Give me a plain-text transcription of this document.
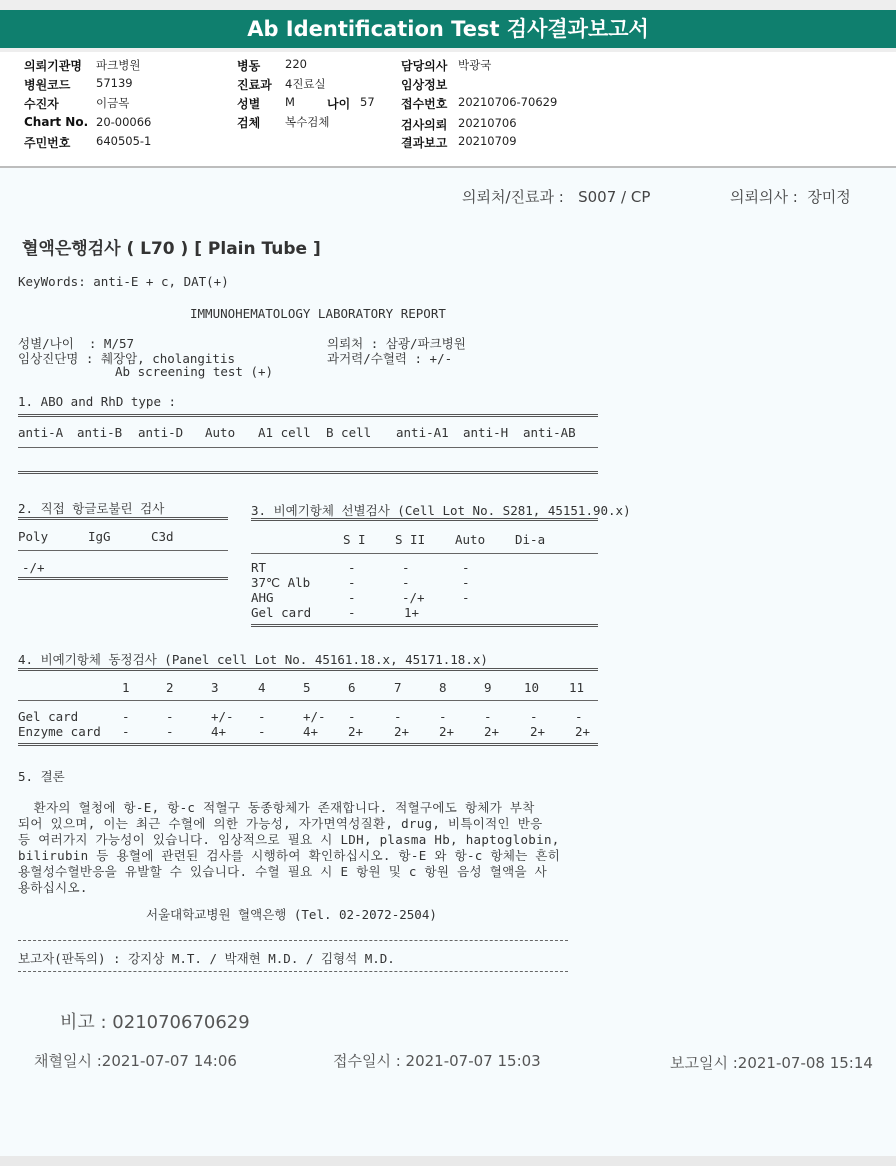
Ab Identification Test 검사결과보고서
의뢰기관명 파크병원
병원코드 57139
수진자	이금목
Chart No. 20-00066
주민번호 640505-1
병동 220
진료과 4진료실
성별 M	나이 57
검체 복수검체
담당의사 박광국
임상정보
접수번호 20210706-70629
검사의뢰 20210706
결과보고 20210709
의뢰처/진료과 :   S007 / CP	의뢰의사 :  장미정
혈액은행검사 ( L70 ) [ Plain Tube ]
KeyWords: anti-E + c, DAT(+)
IMMUNOHEMATOLOGY LABORATORY REPORT
성별/나이  : M/57
임상진단명 : 췌장암, cholangitis
Ab screening test (+)
의뢰처 : 삼광/파크병원
과거력/수혈력 : +/-
1. ABO and RhD type :
anti-A anti-B anti-D Auto A1 cell B cell anti-A1 anti-H anti-AB
2. 직접 항글로불린 검사
Poly	IgG	C3d
-/+
3. 비예기항체 선별검사 (Cell Lot No. S281, 45151.90.x)
S I S II Auto Di-a
RT	-	-	-
37℃ Alb	-	-	-
AHG	-	-/+	-
Gel card	-	1+
4. 비예기항체 동정검사 (Panel cell Lot No. 45161.18.x, 45171.18.x)
1	2	3	4	5	6	7	8	9	10 11
Gel card	-	-	+/- -	+/- -	-	-	-	-	-
Enzyme card -	-	4+	-	4+ 2+ 2+ 2+ 2+ 2+ 2+
5. 결론
환자의 혈청에 항-E, 항-c 적혈구 동종항체가 존재합니다. 적혈구에도 항체가 부착
되어 있으며, 이는 최근 수혈에 의한 가능성, 자가면역성질환, drug, 비특이적인 반응
등 여러가지 가능성이 있습니다. 임상적으로 필요 시 LDH, plasma Hb, haptoglobin,
bilirubin 등 용혈에 관련된 검사를 시행하여 확인하십시오. 항-E 와 항-c 항체는 흔히
용혈성수혈반응을 유발할 수 있습니다. 수혈 필요 시 E 항원 및 c 항원 음성 혈액을 사
용하십시오.
서울대학교병원 혈액은행 (Tel. 02-2072-2504)
보고자(판독의) : 강지상 M.T. / 박재현 M.D. / 김형석 M.D.
비고 : 021070670629
채혈일시 :2021-07-07 14:06	접수일시 : 2021-07-07 15:03	보고일시 :2021-07-08 15:14
